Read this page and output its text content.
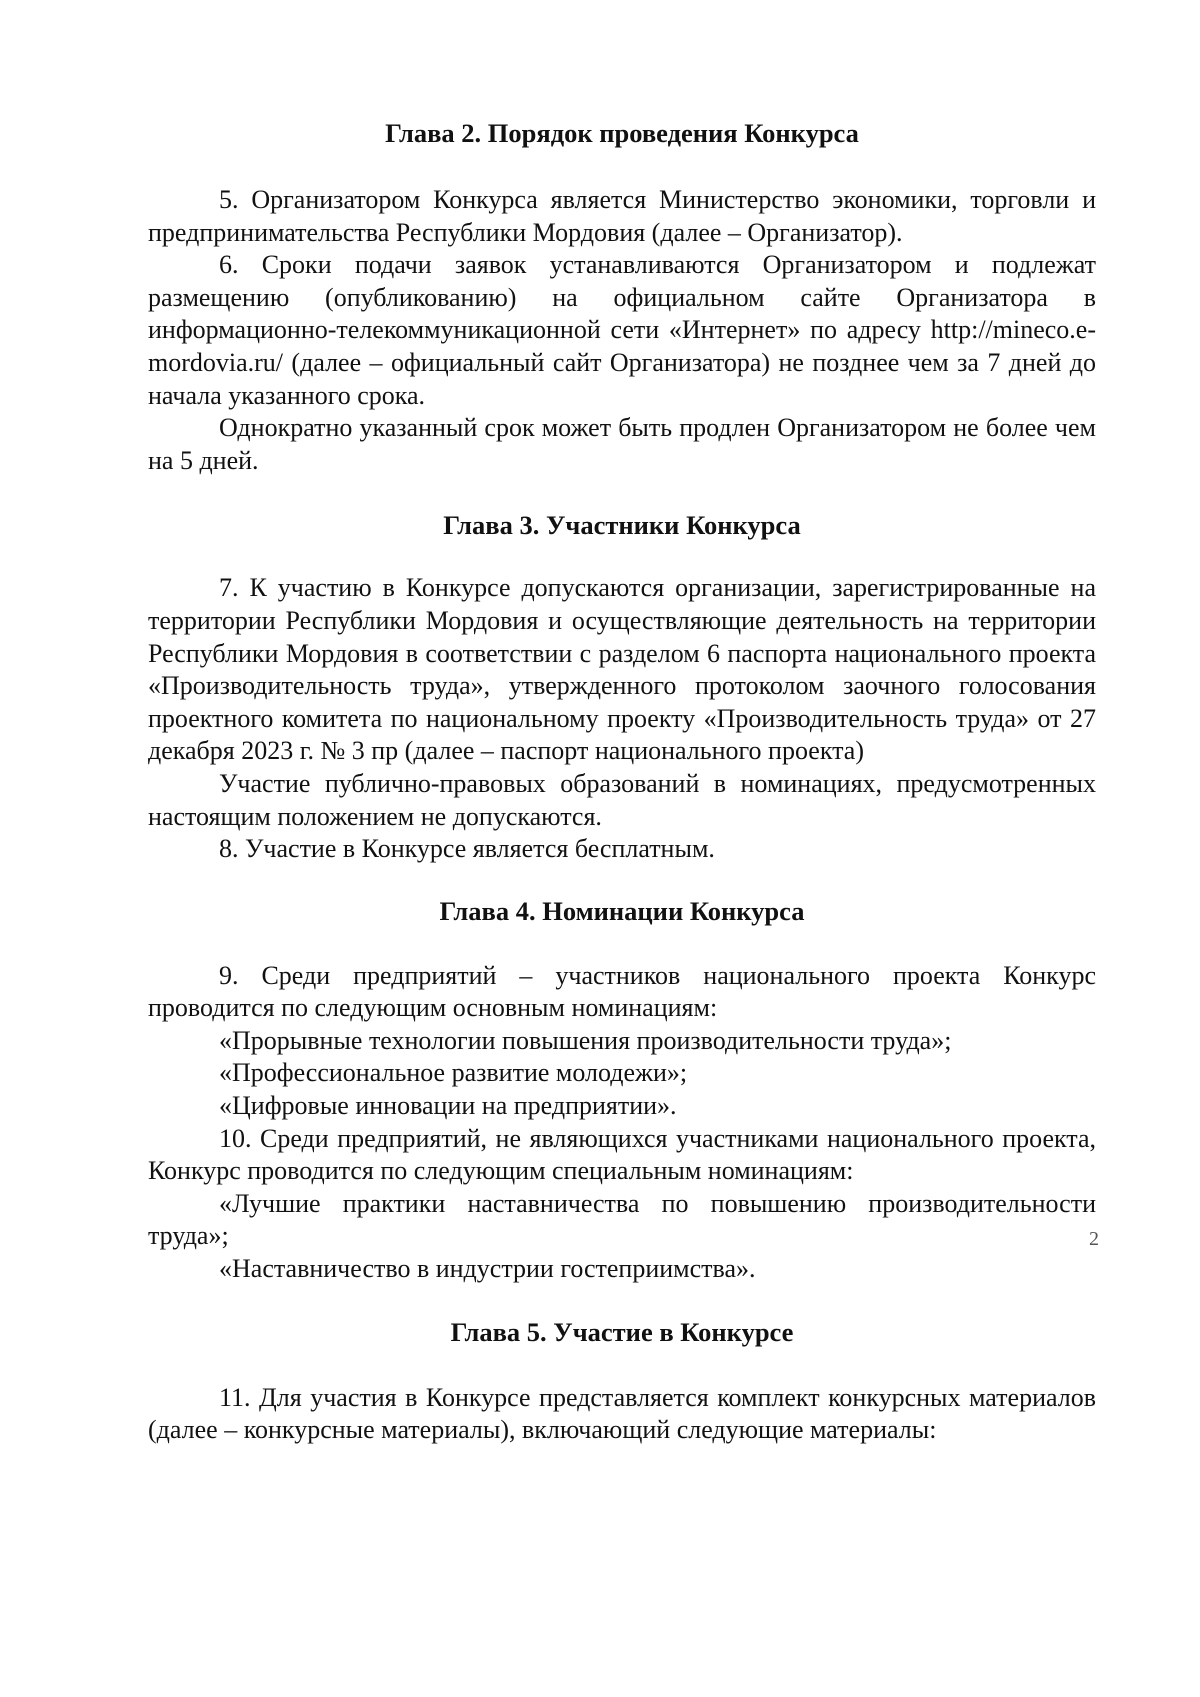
Глава 2. Порядок проведения Конкурса

5. Организатором Конкурса является Министерство экономики, торговли и предпринимательства Республики Мордовия (далее – Организатор).

6. Сроки подачи заявок устанавливаются Организатором и подлежат размещению (опубликованию) на официальном сайте Организатора в информационно-телекоммуникационной сети «Интернет» по адресу http://mineco.e-mordovia.ru/ (далее – официальный сайт Организатора) не позднее чем за 7 дней до начала указанного срока.

Однократно указанный срок может быть продлен Организатором не более чем на 5 дней.

Глава 3. Участники Конкурса

7. К участию в Конкурсе допускаются организации, зарегистрированные на территории Республики Мордовия и осуществляющие деятельность на территории Республики Мордовия в соответствии с разделом 6 паспорта национального проекта «Производительность труда», утвержденного протоколом заочного голосования проектного комитета по национальному проекту «Производительность труда» от 27 декабря 2023 г. № 3 пр (далее – паспорт национального проекта)

Участие публично-правовых образований в номинациях, предусмотренных настоящим положением не допускаются.

8. Участие в Конкурсе является бесплатным.

Глава 4. Номинации Конкурса

9. Среди предприятий – участников национального проекта Конкурс проводится по следующим основным номинациям:

«Прорывные технологии повышения производительности труда»;

«Профессиональное развитие молодежи»;

«Цифровые инновации на предприятии».

10. Среди предприятий, не являющихся участниками национального проекта, Конкурс проводится по следующим специальным номинациям:

«Лучшие практики наставничества по повышению производительности труда»;

«Наставничество в индустрии гостеприимства».

Глава 5. Участие в Конкурсе

11. Для участия в Конкурсе представляется комплект конкурсных материалов (далее – конкурсные материалы), включающий следующие материалы:

2
